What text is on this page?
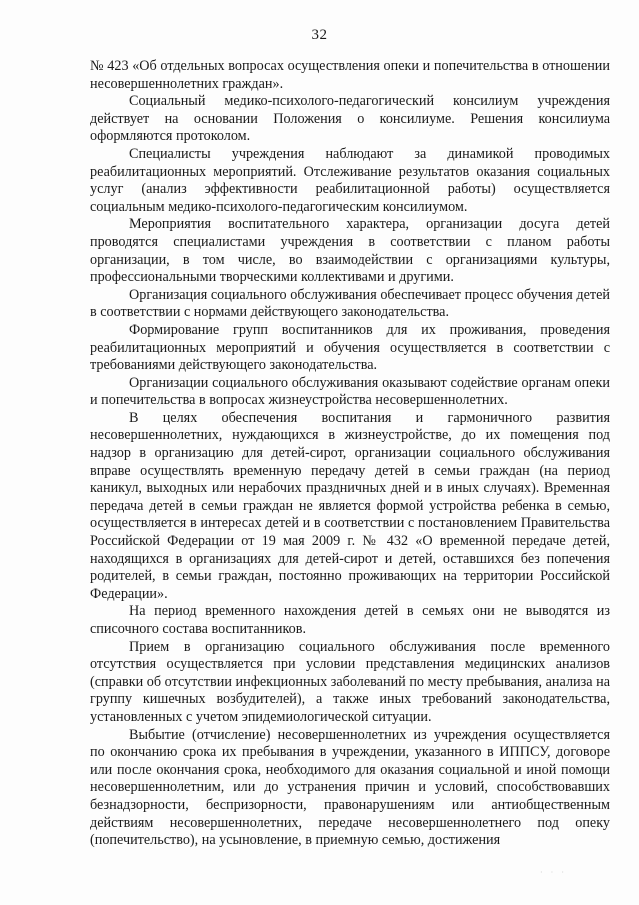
32

№ 423 «Об отдельных вопросах осуществления опеки и попечительства в отношении несовершеннолетних граждан».

Социальный медико-психолого-педагогический консилиум учреждения действует на основании Положения о консилиуме. Решения консилиума оформляются протоколом.

Специалисты учреждения наблюдают за динамикой проводимых реабилитационных мероприятий. Отслеживание результатов оказания социальных услуг (анализ эффективности реабилитационной работы) осуществляется социальным медико-психолого-педагогическим консилиумом.

Мероприятия воспитательного характера, организации досуга детей проводятся специалистами учреждения в соответствии с планом работы организации, в том числе, во взаимодействии с организациями культуры, профессиональными творческими коллективами и другими.

Организация социального обслуживания обеспечивает процесс обучения детей в соответствии с нормами действующего законодательства.

Формирование групп воспитанников для их проживания, проведения реабилитационных мероприятий и обучения осуществляется в соответствии с требованиями действующего законодательства.

Организации социального обслуживания оказывают содействие органам опеки и попечительства в вопросах жизнеустройства несовершеннолетних.

В целях обеспечения воспитания и гармоничного развития несовершеннолетних, нуждающихся в жизнеустройстве, до их помещения под надзор в организацию для детей-сирот, организации социального обслуживания вправе осуществлять временную передачу детей в семьи граждан (на период каникул, выходных или нерабочих праздничных дней и в иных случаях). Временная передача детей в семьи граждан не является формой устройства ребенка в семью, осуществляется в интересах детей и в соответствии с постановлением Правительства Российской Федерации от 19 мая 2009 г. № 432 «О временной передаче детей, находящихся в организациях для детей-сирот и детей, оставшихся без попечения родителей, в семьи граждан, постоянно проживающих на территории Российской Федерации».

На период временного нахождения детей в семьях они не выводятся из списочного состава воспитанников.

Прием в организацию социального обслуживания после временного отсутствия осуществляется при условии представления медицинских анализов (справки об отсутствии инфекционных заболеваний по месту пребывания, анализа на группу кишечных возбудителей), а также иных требований законодательства, установленных с учетом эпидемиологической ситуации.

Выбытие (отчисление) несовершеннолетних из учреждения осуществляется по окончанию срока их пребывания в учреждении, указанного в ИППСУ, договоре или после окончания срока, необходимого для оказания социальной и иной помощи несовершеннолетним, или до устранения причин и условий, способствовавших безнадзорности, беспризорности, правонарушениям или антиобщественным действиям несовершеннолетних, передаче несовершеннолетнего под опеку (попечительство), на усыновление, в приемную семью, достижения

· · ·
